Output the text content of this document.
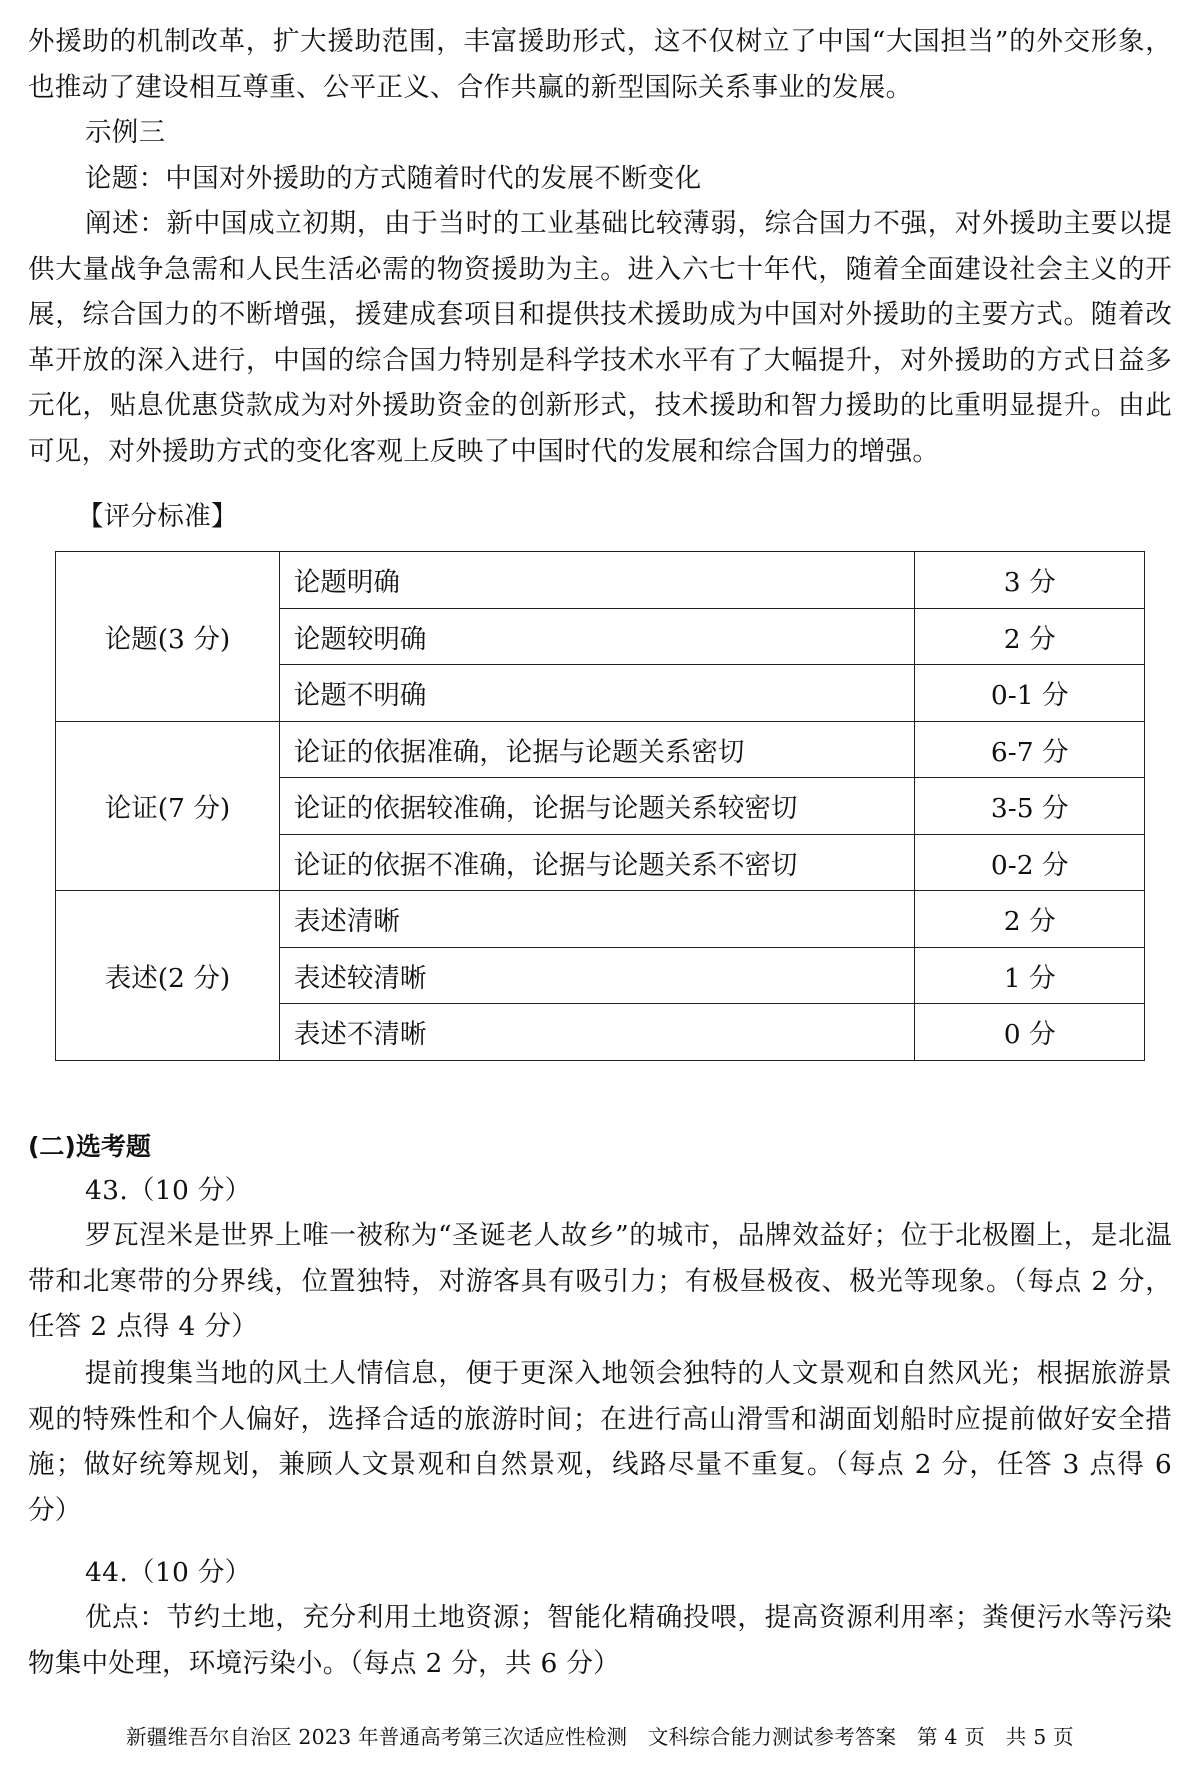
外援助的机制改革，扩大援助范围，丰富援助形式，这不仅树立了中国“大国担当”的外交形象，也推动了建设相互尊重、公平正义、合作共赢的新型国际关系事业的发展。
示例三
论题：中国对外援助的方式随着时代的发展不断变化
阐述：新中国成立初期，由于当时的工业基础比较薄弱，综合国力不强，对外援助主要以提供大量战争急需和人民生活必需的物资援助为主。进入六七十年代，随着全面建设社会主义的开展，综合国力的不断增强，援建成套项目和提供技术援助成为中国对外援助的主要方式。随着改革开放的深入进行，中国的综合国力特别是科学技术水平有了大幅提升，对外援助的方式日益多元化，贴息优惠贷款成为对外援助资金的创新形式，技术援助和智力援助的比重明显提升。由此可见，对外援助方式的变化客观上反映了中国时代的发展和综合国力的增强。
【评分标准】
论题(3 分)	论题明确	3 分
	论题较明确	2 分
	论题不明确	0-1 分
论证(7 分)	论证的依据准确，论据与论题关系密切	6-7 分
	论证的依据较准确，论据与论题关系较密切	3-5 分
	论证的依据不准确，论据与论题关系不密切	0-2 分
表述(2 分)	表述清晰	2 分
	表述较清晰	1 分
	表述不清晰	0 分
(二)选考题
43.（10 分）
罗瓦涅米是世界上唯一被称为“圣诞老人故乡”的城市，品牌效益好；位于北极圈上，是北温带和北寒带的分界线，位置独特，对游客具有吸引力；有极昼极夜、极光等现象。（每点 2 分，任答 2 点得 4 分）
提前搜集当地的风土人情信息，便于更深入地领会独特的人文景观和自然风光；根据旅游景观的特殊性和个人偏好，选择合适的旅游时间；在进行高山滑雪和湖面划船时应提前做好安全措施；做好统筹规划，兼顾人文景观和自然景观，线路尽量不重复。（每点 2 分，任答 3 点得 6 分）
44.（10 分）
优点：节约土地，充分利用土地资源；智能化精确投喂，提高资源利用率；粪便污水等污染物集中处理，环境污染小。（每点 2 分，共 6 分）
新疆维吾尔自治区 2023 年普通高考第三次适应性检测　文科综合能力测试参考答案　第 4 页　共 5 页
